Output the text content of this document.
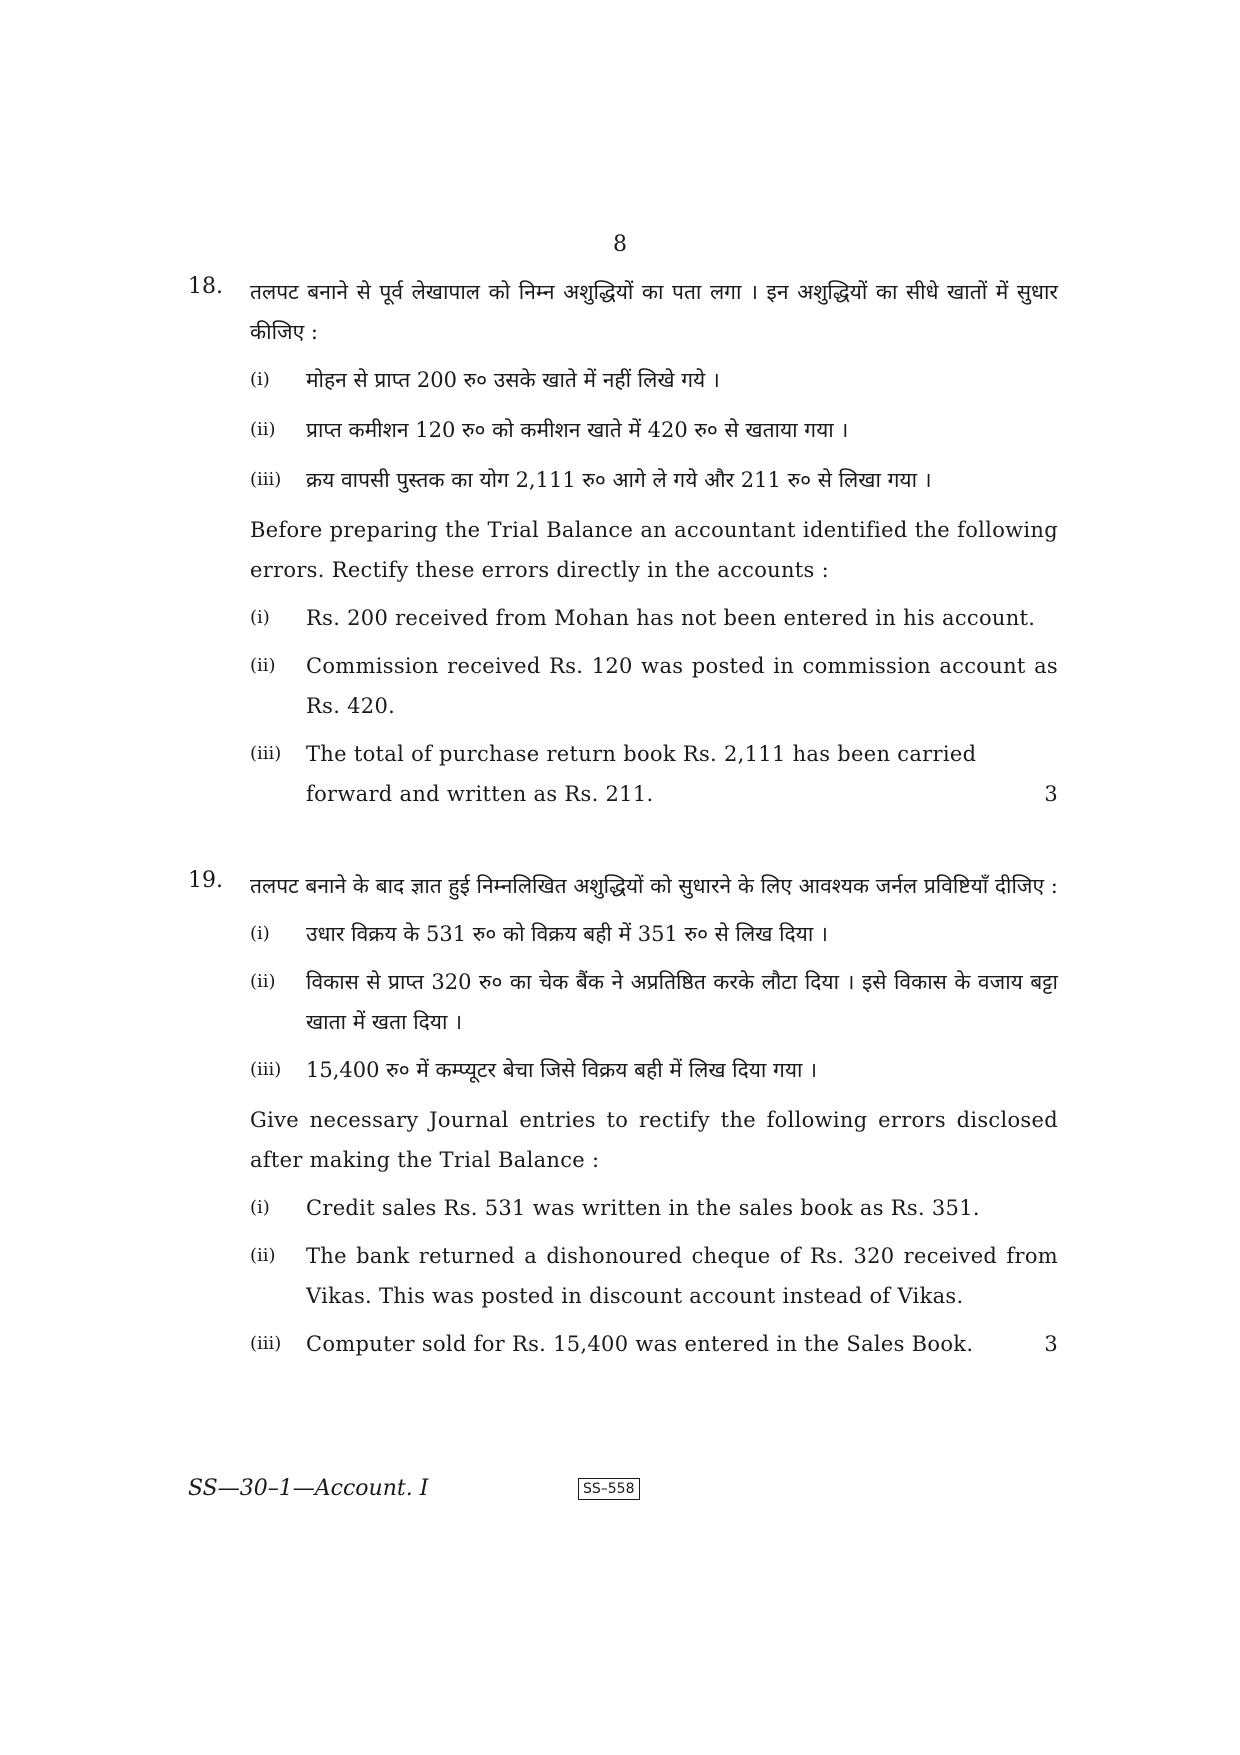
8
18. तलपट बनाने से पूर्व लेखापाल को निम्न अशुद्धियों का पता लगा । इन अशुद्धियों का सीधे खातों में सुधार कीजिए :
(i)	मोहन से प्राप्त 200 रु० उसके खाते में नहीं लिखे गये ।
(ii)	प्राप्त कमीशन 120 रु० को कमीशन खाते में 420 रु० से खताया गया ।
(iii)	क्रय वापसी पुस्तक का योग 2,111 रु० आगे ले गये और 211 रु० से लिखा गया ।
Before preparing the Trial Balance an accountant identified the following errors. Rectify these errors directly in the accounts :
(i)	Rs. 200 received from Mohan has not been entered in his account.
(ii)	Commission received Rs. 120 was posted in commission account as Rs. 420.
(iii)	The total of purchase return book Rs. 2,111 has been carried
forward and written as Rs. 211.	3
19. तलपट बनाने के बाद ज्ञात हुई निम्नलिखित अशुद्धियों को सुधारने के लिए आवश्यक जर्नल प्रविष्टियाँ दीजिए :
(i)	उधार विक्रय के 531 रु० को विक्रय बही में 351 रु० से लिख दिया ।
(ii)	विकास से प्राप्त 320 रु० का चेक बैंक ने अप्रतिष्ठित करके लौटा दिया । इसे विकास के वजाय बट्टा खाता में खता दिया ।
(iii)	15,400 रु० में कम्प्यूटर बेचा जिसे विक्रय बही में लिख दिया गया ।
Give necessary Journal entries to rectify the following errors disclosed after making the Trial Balance :
(i)	Credit sales Rs. 531 was written in the sales book as Rs. 351.
(ii)	The bank returned a dishonoured cheque of Rs. 320 received from Vikas. This was posted in discount account instead of Vikas.
(iii)	Computer sold for Rs. 15,400 was entered in the Sales Book.	3
SS—30–1—Account. I	SS–558
